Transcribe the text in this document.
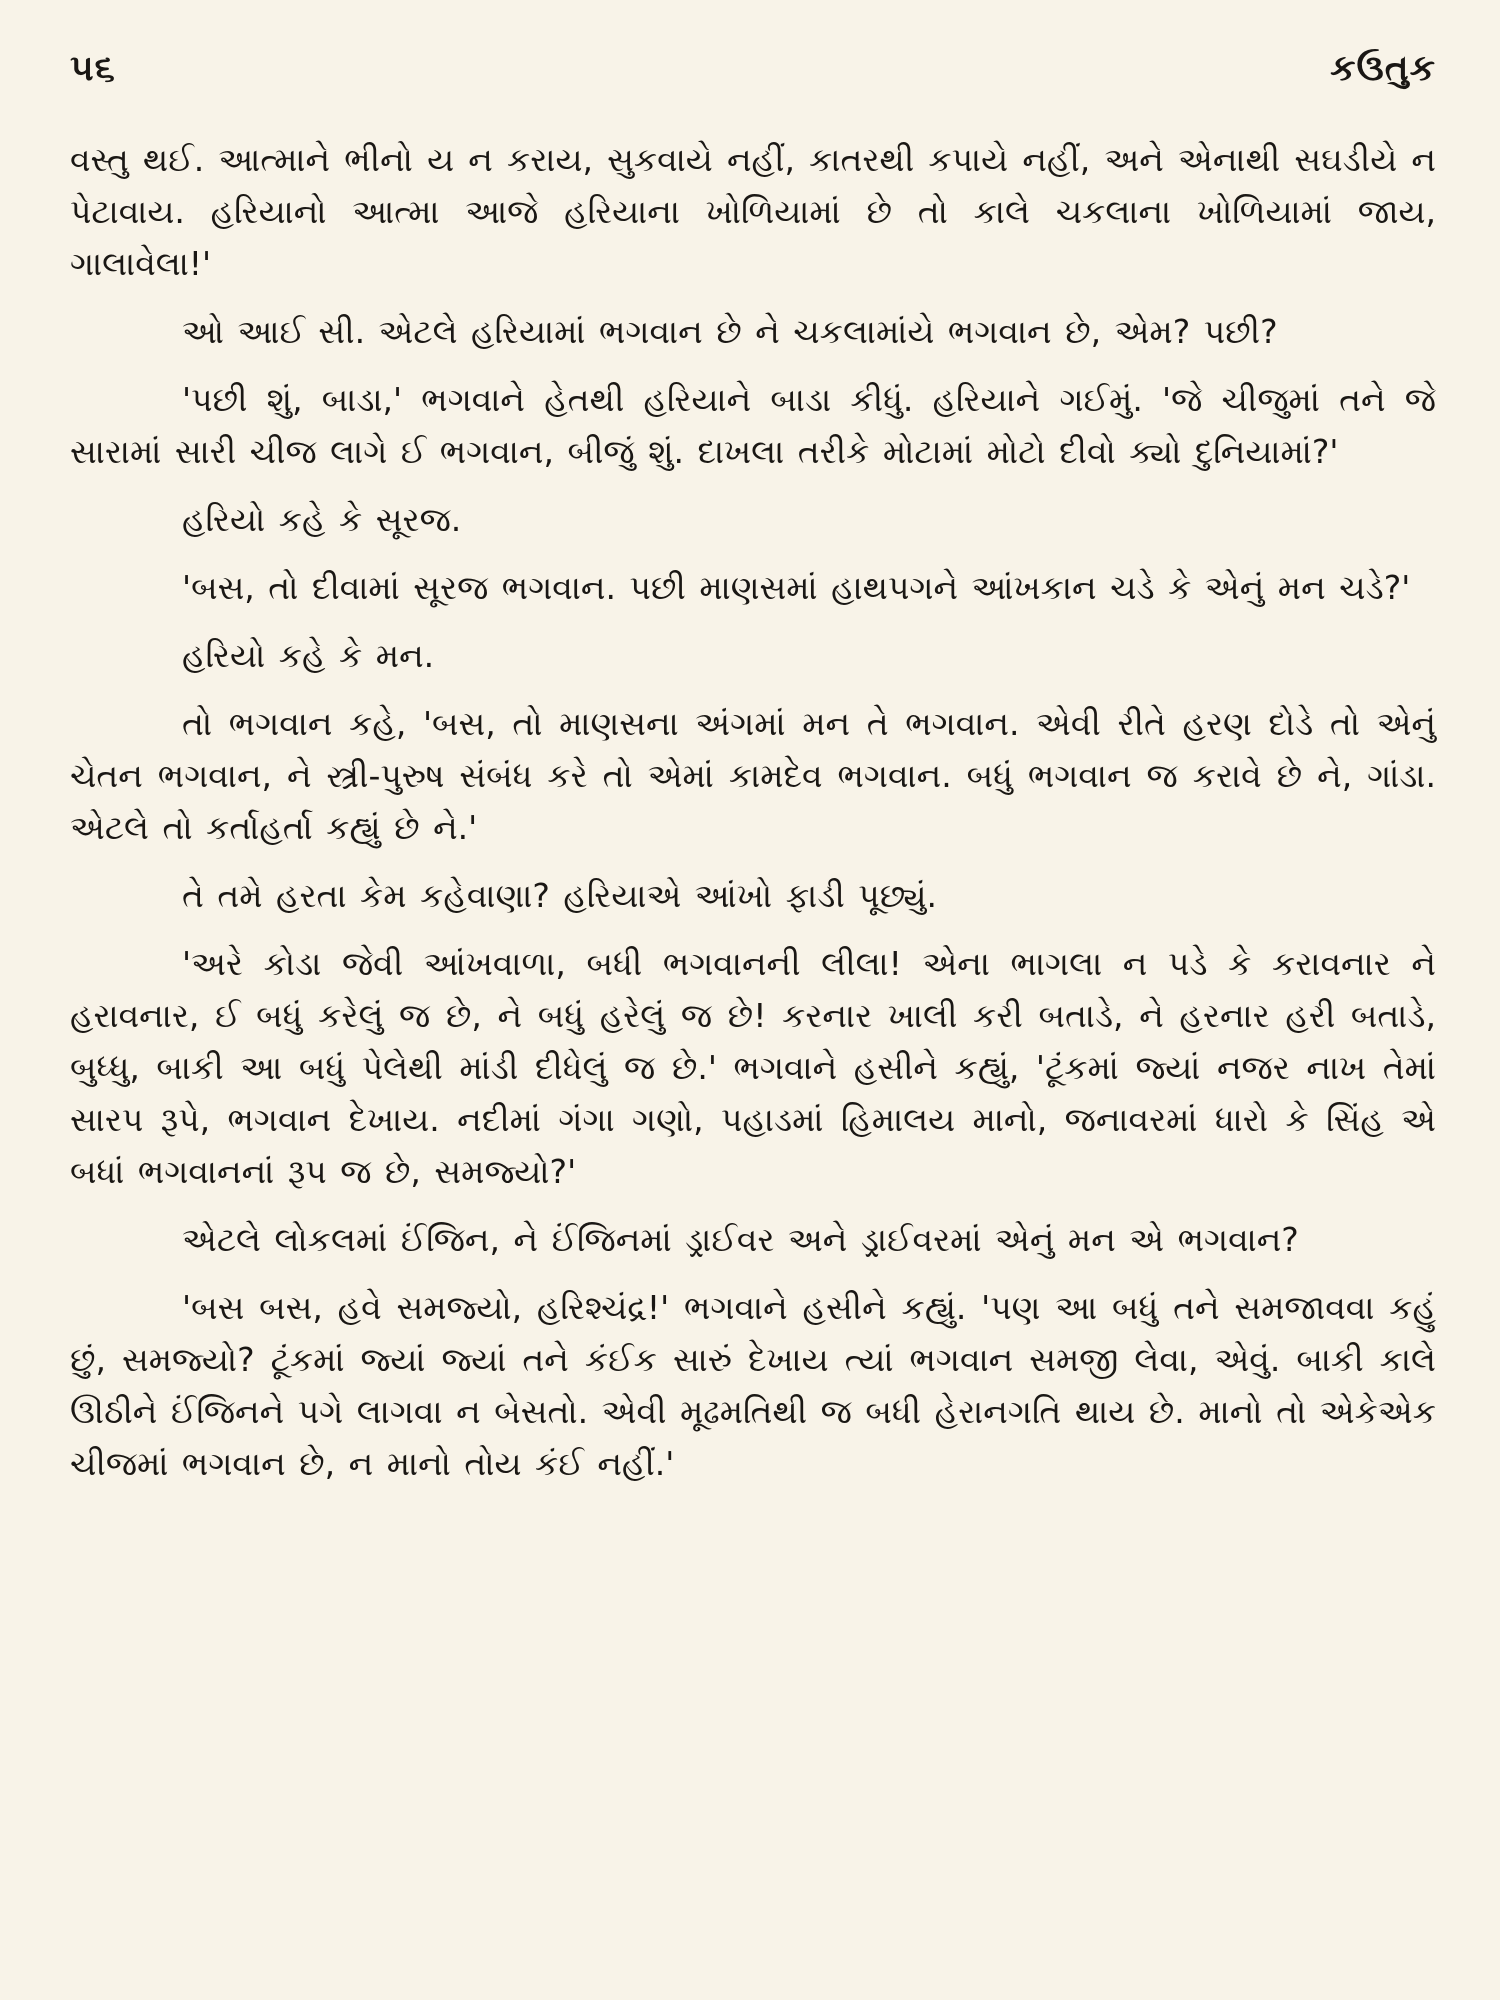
૫૬	કઉતુક

વસ્તુ થઈ. આત્માને ભીનો ય ન કરાય, સુકવાયે નહીં, કાતરથી કપાયે નહીં, અને એનાથી સઘડીયે ન પેટાવાય. હરિયાનો આત્મા આજે હરિયાના ખોળિયામાં છે તો કાલે ચકલાના ખોળિયામાં જાય, ગાલાવેલા!'

ઓ આઈ સી. એટલે હરિયામાં ભગવાન છે ને ચકલામાંયે ભગવાન છે, એમ? પછી?

'પછી શું, બાડા,' ભગવાને હેતથી હરિયાને બાડા કીધું. હરિયાને ગઈમું. 'જે ચીજુમાં તને જે સારામાં સારી ચીજ લાગે ઈ ભગવાન, બીજું શું. દાખલા તરીકે મોટામાં મોટો દીવો ક્યો દુનિયામાં?'

હરિયો કહે કે સૂરજ.

'બસ, તો દીવામાં સૂરજ ભગવાન. પછી માણસમાં હાથપગને આંખકાન ચડે કે એનું મન ચડે?'

હરિયો કહે કે મન.

તો ભગવાન કહે, 'બસ, તો માણસના અંગમાં મન તે ભગવાન. એવી રીતે હરણ દોડે તો એનું ચેતન ભગવાન, ને સ્ત્રી-પુરુષ સંબંધ કરે તો એમાં કામદેવ ભગવાન. બધું ભગવાન જ કરાવે છે ને, ગાંડા. એટલે તો કર્તાહર્તા કહ્યું છે ને.'

તે તમે હરતા કેમ કહેવાણા? હરિયાએ આંખો ફાડી પૂછ્યું.

'અરે કોડા જેવી આંખવાળા, બધી ભગવાનની લીલા! એના ભાગલા ન પડે કે કરાવનાર ને હરાવનાર, ઈ બધું કરેલું જ છે, ને બધું હરેલું જ છે! કરનાર ખાલી કરી બતાડે, ને હરનાર હરી બતાડે, બુધ્ધુ, બાકી આ બધું પેલેથી માંડી દીધેલું જ છે.' ભગવાને હસીને કહ્યું, 'ટૂંકમાં જ્યાં નજર નાખ તેમાં સારપ રૂપે, ભગવાન દેખાય. નદીમાં ગંગા ગણો, પહાડમાં હિમાલય માનો, જનાવરમાં ધારો કે સિંહ એ બધાં ભગવાનનાં રૂપ જ છે, સમજ્યો?'

એટલે લોકલમાં ઈંજિન, ને ઈંજિનમાં ડ્રાઈવર અને ડ્રાઈવરમાં એનું મન એ ભગવાન?

'બસ બસ, હવે સમજ્યો, હરિશ્ચંદ્ર!' ભગવાને હસીને કહ્યું. 'પણ આ બધું તને સમજાવવા કહું છું, સમજ્યો? ટૂંકમાં જ્યાં જ્યાં તને કંઈક સારું દેખાય ત્યાં ભગવાન સમજી લેવા, એવું. બાકી કાલે ઊઠીને ઈંજિનને પગે લાગવા ન બેસતો. એવી મૂઢમતિથી જ બધી હેરાનગતિ થાય છે. માનો તો એકેએક ચીજમાં ભગવાન છે, ન માનો તોય કંઈ નહીં.'
